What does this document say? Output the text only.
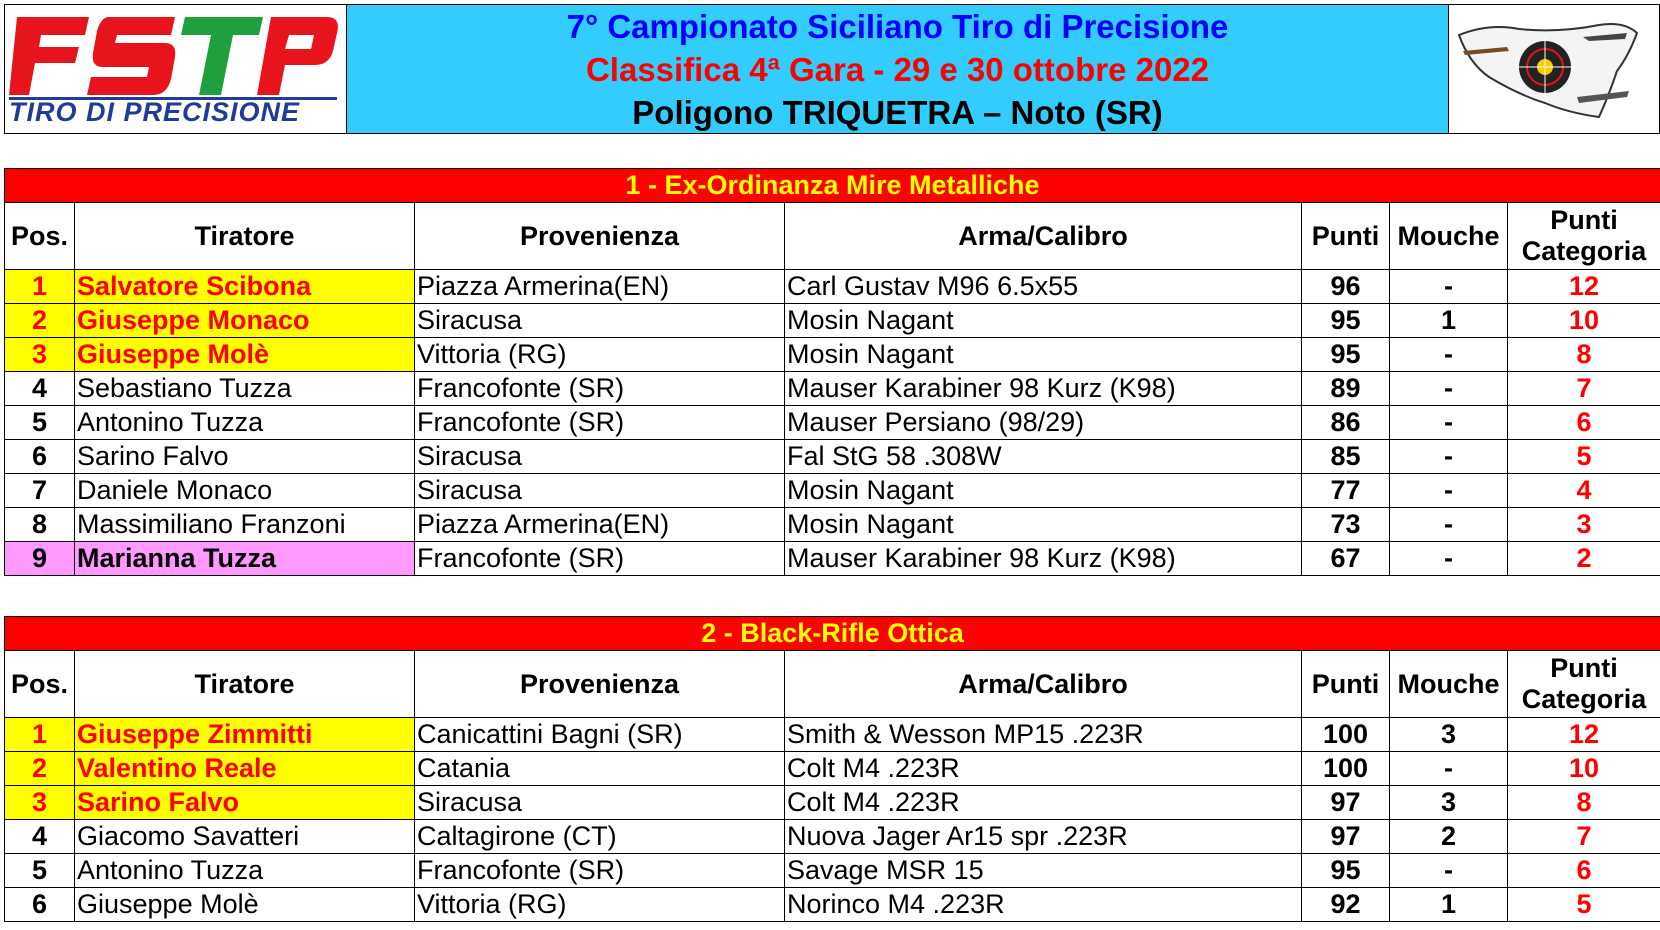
TIRO DI PRECISIONE
7° Campionato Siciliano Tiro di Precisione
Classifica 4ª Gara - 29 e 30 ottobre 2022
Poligono TRIQUETRA – Noto (SR)
1 - Ex-Ordinanza Mire Metalliche						
Pos.	Tiratore	Provenienza	Arma/Calibro	Punti	Mouche	Punti
Categoria
1	Salvatore Scibona	Piazza Armerina(EN)	Carl Gustav M96 6.5x55	96	-	12
2	Giuseppe Monaco	Siracusa	Mosin Nagant	95	1	10
3	Giuseppe Molè	Vittoria (RG)	Mosin Nagant	95	-	8
4	Sebastiano Tuzza	Francofonte (SR)	Mauser Karabiner 98 Kurz (K98)	89	-	7
5	Antonino Tuzza	Francofonte (SR)	Mauser Persiano (98/29)	86	-	6
6	Sarino Falvo	Siracusa	Fal StG 58 .308W	85	-	5
7	Daniele Monaco	Siracusa	Mosin Nagant	77	-	4
8	Massimiliano Franzoni	Piazza Armerina(EN)	Mosin Nagant	73	-	3
9	Marianna Tuzza	Francofonte (SR)	Mauser Karabiner 98 Kurz (K98)	67	-	2
2 - Black-Rifle Ottica						
Pos.	Tiratore	Provenienza	Arma/Calibro	Punti	Mouche	Punti
Categoria
1	Giuseppe Zimmitti	Canicattini Bagni (SR)	Smith & Wesson MP15 .223R	100	3	12
2	Valentino Reale	Catania	Colt M4 .223R	100	-	10
3	Sarino Falvo	Siracusa	Colt M4 .223R	97	3	8
4	Giacomo Savatteri	Caltagirone (CT)	Nuova Jager Ar15 spr .223R	97	2	7
5	Antonino Tuzza	Francofonte (SR)	Savage MSR 15	95	-	6
6	Giuseppe Molè	Vittoria (RG)	Norinco M4 .223R	92	1	5
